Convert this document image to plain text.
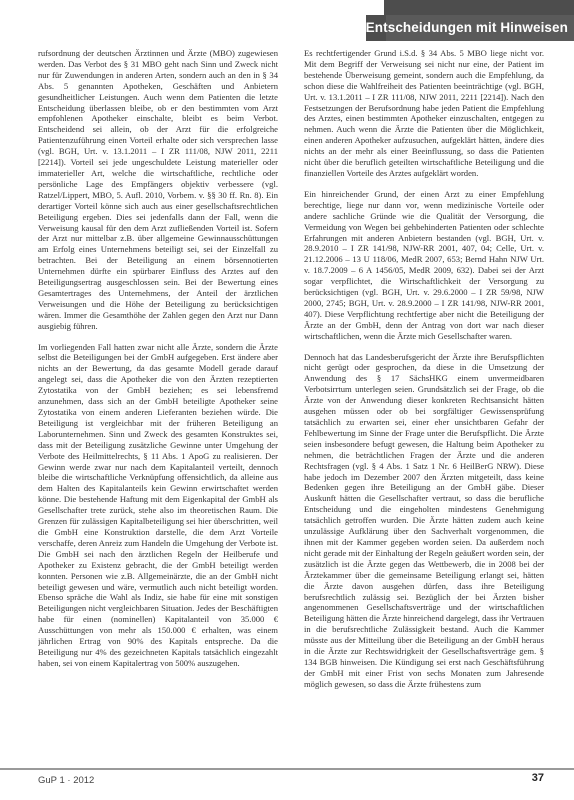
Entscheidungen mit Hinweisen

rufsordnung der deutschen Ärztinnen und Ärzte (MBO) zugewiesen werden. Das Verbot des § 31 MBO geht nach Sinn und Zweck nicht nur für Zuwendungen in anderen Arten, sondern auch an den in § 34 Abs. 5 genannten Apotheken, Geschäften und Anbietern gesundheitlicher Leistungen. Auch wenn dem Patienten die letzte Entscheidung überlassen bleibe, ob er den bestimmten vom Arzt empfohlenen Apotheker einschalte, bleibt es beim Verbot. Entscheidend sei allein, ob der Arzt für die erfolgreiche Patientenzuführung einen Vorteil erhalte oder sich versprechen lasse (vgl. BGH, Urt. v. 13.1.2011 – I ZR 111/08, NJW 2011, 2211 [2214]). Vorteil sei jede ungeschuldete Leistung materieller oder immaterieller Art, welche die wirtschaftliche, rechtliche oder persönliche Lage des Empfängers objektiv verbessere (vgl. Ratzel/Lippert, MBO, 5. Aufl. 2010, Vorbem. v. §§ 30 ff. Rn. 8). Ein derartiger Vorteil könne sich auch aus einer gesellschaftsrechtlichen Beteiligung ergeben. Dies sei jedenfalls dann der Fall, wenn die Verweisung kausal für den dem Arzt zufließenden Vorteil ist. Sofern der Arzt nur mittelbar z.B. über allgemeine Gewinnausschüttungen am Erfolg eines Unternehmens beteiligt sei, sei der Einzelfall zu betrachten. Bei der Beteiligung an einem börsennotierten Unternehmen dürfte ein spürbarer Einfluss des Arztes auf den Beteiligungsertrag ausgeschlossen sein. Bei der Bewertung eines Gesamtertrages des Unternehmens, der Anteil der ärztlichen Verweisungen und die Höhe der Beteiligung zu berücksichtigen wären. Immer die Gesamthöhe der Zahlen gegen den Arzt nur Dann ausgiebig führen.

Im vorliegenden Fall hatten zwar nicht alle Ärzte, sondern die Ärzte selbst die Beteiligungen bei der GmbH aufgegeben. Erst ändere aber nichts an der Bewertung, da das gesamte Modell gerade darauf angelegt sei, dass die Apotheker die von den Ärzten rezeptierten Zytostatika von der GmbH beziehen; es sei lebensfremd anzunehmen, dass sich an der GmbH beteiligte Apotheker seine Zytostatika von einem anderen Lieferanten beziehen würde. Die Beteiligung ist vergleichbar mit der früheren Beteiligung an Laborunternehmen. Sinn und Zweck des gesamten Konstruktes sei, dass mit der Beteiligung zusätzliche Gewinne unter Umgehung der Verbote des Heilmittelrechts, § 11 Abs. 1 ApoG zu realisieren. Der Gewinn werde zwar nur nach dem Kapitalanteil verteilt, dennoch bleibe die wirtschaftliche Verknüpfung offensichtlich, da alleine aus dem Halten des Kapitalanteils kein Gewinn erwirtschaftet werden könne. Die bestehende Haftung mit dem Eigenkapital der GmbH als Gesellschafter trete zurück, stehe also im theoretischen Raum. Die Grenzen für zulässigen Kapitalbeteiligung sei hier überschritten, weil die GmbH eine Konstruktion darstelle, die dem Arzt Vorteile verschaffe, deren Anreiz zum Handeln die Umgehung der Verbote ist. Die GmbH sei nach den ärztlichen Regeln der Heilberufe und Apotheker zu Existenz gebracht, die der GmbH beteiligt werden konnten. Personen wie z.B. Allgemeinärzte, die an der GmbH nicht beteiligt gewesen und wäre, vermutlich auch nicht beteiligt worden. Ebenso spräche die Wahl als Indiz, sie habe für eine mit sonstigen Beteiligungen nicht vergleichbaren Situation. Jedes der Beschäftigten habe für einen (nominellen) Kapitalanteil von 35.000 € Ausschüttungen von mehr als 150.000 € erhalten, was einem jährlichen Ertrag von 90% des Kapitals entspreche. Da die Beteiligung nur 4% des gezeichneten Kapitals tatsächlich eingezahlt haben, sei von einem Kapitalertrag von 500% auszugehen.

Es rechtfertigender Grund i.S.d. § 34 Abs. 5 MBO liege nicht vor. Mit dem Begriff der Verweisung sei nicht nur eine, der Patient im bestehende Überweisung gemeint, sondern auch die Empfehlung, da schon diese die Wahlfreiheit des Patienten beeinträchtige (vgl. BGH, Urt. v. 13.1.2011 – I ZR 111/08, NJW 2011, 2211 [2214]). Nach den Festsetzungen der Berufsordnung habe jeden Patient die Empfehlung des Arztes, einen bestimmten Apotheker einzuschalten, entgegen zu nehmen. Auch wenn die Ärzte die Patienten über die Möglichkeit, einen anderen Apotheker aufzusuchen, aufgeklärt hätten, ändere dies nichts an der mehr als einer Beeinflussung, so dass die Patienten nicht über die beruflich geteilten wirtschaftliche Beteiligung und die finanziellen Vorteile des Arztes aufgeklärt worden.

Ein hinreichender Grund, der einen Arzt zu einer Empfehlung berechtige, liege nur dann vor, wenn medizinische Vorteile oder andere sachliche Gründe wie die Qualität der Versorgung, die Vermeidung von Wegen bei gehbehinderten Patienten oder schlechte Erfahrungen mit anderen Anbietern bestanden (vgl. BGH, Urt. v. 28.9.2010 – I ZR 141/98, NJW-RR 2001, 407, 04; Celle, Urt. v. 21.12.2006 – 13 U 118/06, MedR 2007, 653; Bernd Hahn NJW Urt. v. 18.7.2009 – 6 A 1456/05, MedR 2009, 632). Dabei sei der Arzt sogar verpflichtet, die Wirtschaftlichkeit der Versorgung zu berücksichtigen (vgl. BGH, Urt. v. 29.6.2000 – I ZR 59/98, NJW 2000, 2745; BGH, Urt. v. 28.9.2000 – I ZR 141/98, NJW-RR 2001, 407). Diese Verpflichtung rechtfertige aber nicht die Beteiligung der Ärzte an der GmbH, denn der Antrag von dort war nach dieser wirtschaftlichen, wenn die Ärzte mich Gesellschafter waren.

Dennoch hat das Landesberufsgericht der Ärzte ihre Berufspflichten nicht gerügt oder gesprochen, da diese in die Umsetzung der Anwendung des § 17 SächsHKG einem unvermeidbaren Verbotsirrtum unterlegen seien. Grundsätzlich sei der Frage, ob die Ärzte von der Anwendung dieser konkreten Rechtsansicht hätten ausgehen müssen oder ob bei sorgfältiger Gewissensprüfung tatsächlich zu erwarten sei, einer eher unsichtbaren Gefahr der Fehlbewertung im Sinne der Frage unter die Berufspflicht. Die Ärzte seien insbesondere befugt gewesen, die Haltung beim Apotheker zu nehmen, die beträchtlichen Fragen der Ärzte und die anderen Rechtsfragen (vgl. § 4 Abs. 1 Satz 1 Nr. 6 HeilBerG NRW). Diese habe jedoch im Dezember 2007 den Ärzten mitgeteilt, dass keine Bedenken gegen ihre Beteiligung an der GmbH gäbe. Dieser Auskunft hätten die Gesellschafter vertraut, so dass die berufliche Entscheidung und die eingeholten mindestens Genehmigung tatsächlich getroffen wurden. Die Ärzte hätten zudem auch keine unzulässige Aufklärung über den Sachverhalt vorgenommen, die ihnen mit der Kammer gegeben worden seien. Da außerdem noch nicht gerade mit der Einhaltung der Regeln geäußert worden sein, der zusätzlich ist die Ärzte gegen das Wettbewerb, die in 2008 bei der Ärztekammer über die gemeinsame Beteiligung erlangt sei, hätten die Ärzte davon ausgehen dürfen, dass ihre Beteiligung berufsrechtlich zulässig sei. Bezüglich der bei Ärzten bisher angenommenen Gesellschaftsverträge und der wirtschaftlichen Beteiligung hätten die Ärzte hinreichend dargelegt, dass ihr Vertrauen in die berufsrechtliche Zulässigkeit bestand. Auch die Kammer müsste aus der Mitteilung über die Beteiligung an der GmbH heraus in die Ärzte zur Rechtswidrigkeit der Gesellschaftsverträge gem. § 134 BGB hinweisen. Die Kündigung sei erst nach Geschäftsführung der GmbH mit einer Frist von sechs Monaten zum Jahresende möglich gewesen, so dass die Ärzte frühestens zum

GuP 1 · 2012	37
